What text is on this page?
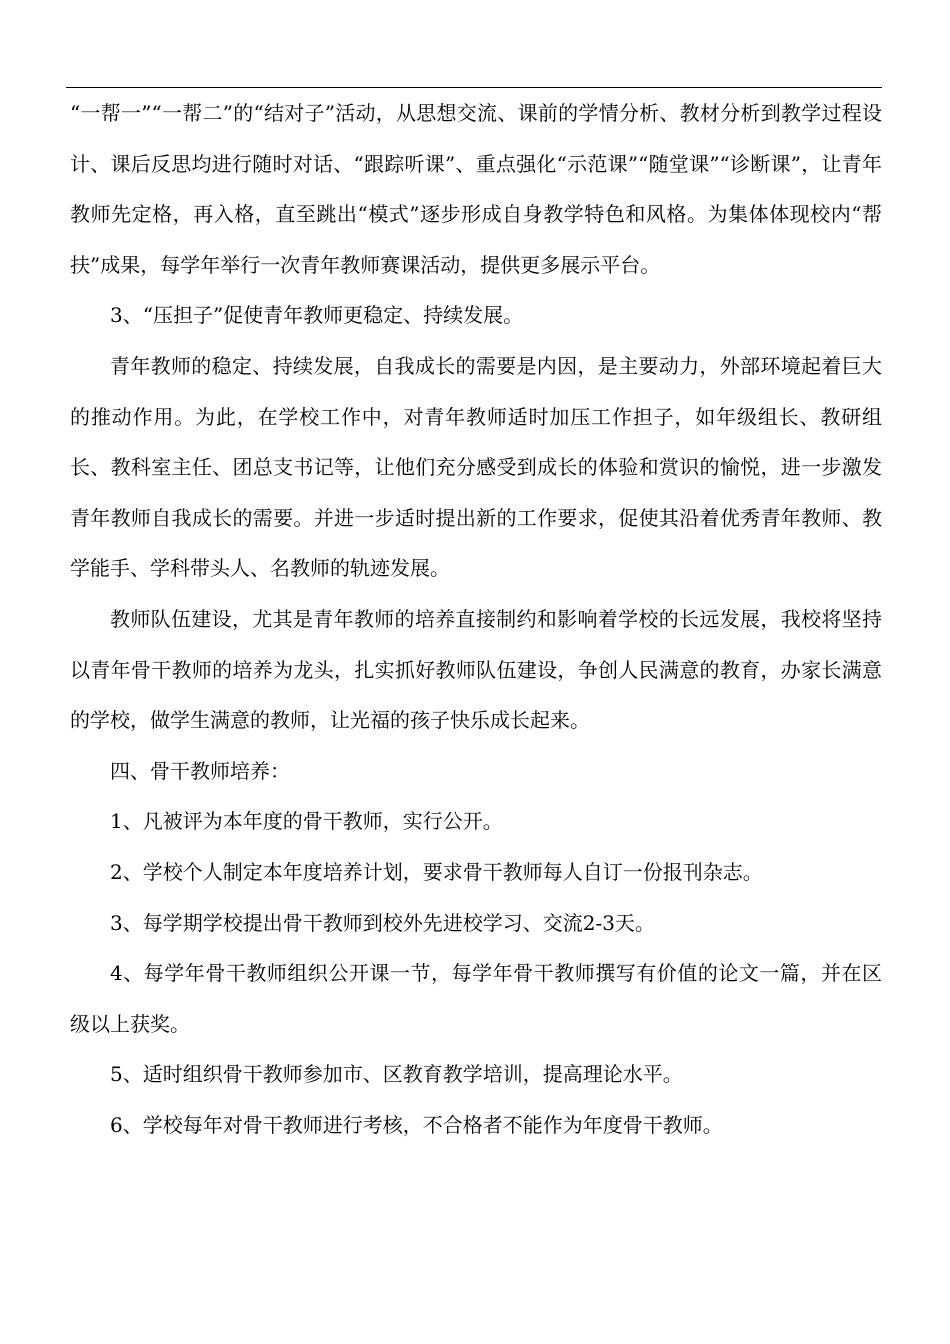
“一帮一”“一帮二”的“结对子”活动，从思想交流、课前的学情分析、教材分析到教学过程设计、课后反思均进行随时对话、“跟踪听课”、重点强化“示范课”“随堂课”“诊断课”，让青年教师先定格，再入格，直至跳出“模式”逐步形成自身教学特色和风格。为集体体现校内“帮扶”成果，每学年举行一次青年教师赛课活动，提供更多展示平台。

3、“压担子”促使青年教师更稳定、持续发展。

青年教师的稳定、持续发展，自我成长的需要是内因，是主要动力，外部环境起着巨大的推动作用。为此，在学校工作中，对青年教师适时加压工作担子，如年级组长、教研组长、教科室主任、团总支书记等，让他们充分感受到成长的体验和赏识的愉悦，进一步激发青年教师自我成长的需要。并进一步适时提出新的工作要求，促使其沿着优秀青年教师、教学能手、学科带头人、名教师的轨迹发展。

教师队伍建设，尤其是青年教师的培养直接制约和影响着学校的长远发展，我校将坚持以青年骨干教师的培养为龙头，扎实抓好教师队伍建设，争创人民满意的教育，办家长满意的学校，做学生满意的教师，让光福的孩子快乐成长起来。

四、骨干教师培养：

1、凡被评为本年度的骨干教师，实行公开。

2、学校个人制定本年度培养计划，要求骨干教师每人自订一份报刊杂志。

3、每学期学校提出骨干教师到校外先进校学习、交流2-3天。

4、每学年骨干教师组织公开课一节，每学年骨干教师撰写有价值的论文一篇，并在区级以上获奖。

5、适时组织骨干教师参加市、区教育教学培训，提高理论水平。

6、学校每年对骨干教师进行考核，不合格者不能作为年度骨干教师。
